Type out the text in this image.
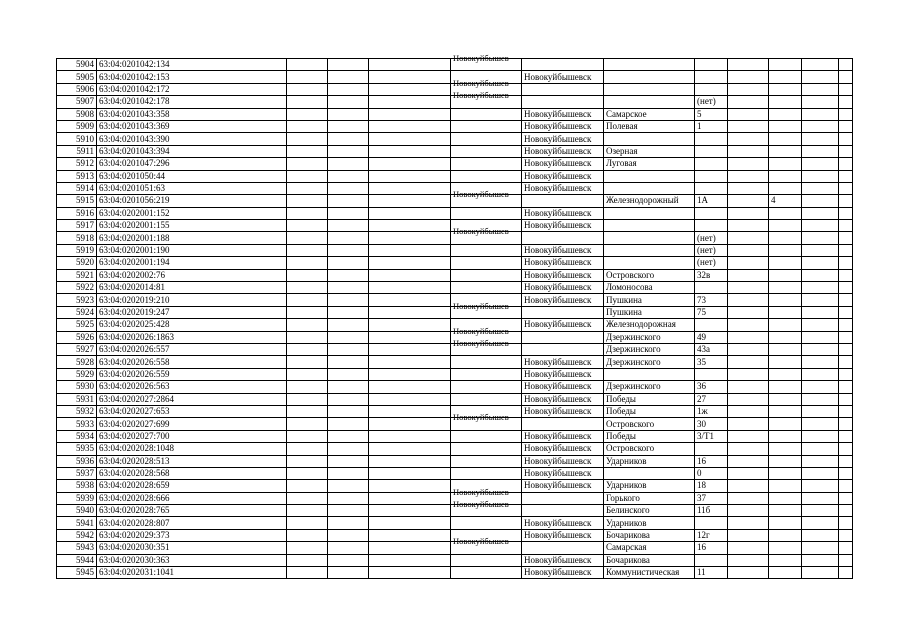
5904	63:04:0201042:134				Новокуйбышев							

5905	63:04:0201042:153					Новокуйбышевск						
5906	63:04:0201042:172				Новокуйбышев							

5907	63:04:0201042:178				Новокуйбышев			(нет)				
5908	63:04:0201043:358					Новокуйбышевск	Самарское	5				
5909	63:04:0201043:369					Новокуйбышевск	Полевая	1				
5910	63:04:0201043:390					Новокуйбышевск						
5911	63:04:0201043:394					Новокуйбышевск	Озерная					
5912	63:04:0201047:296					Новокуйбышевск	Луговая					
5913	63:04:0201050:44					Новокуйбышевск						
5914	63:04:0201051:63					Новокуйбышевск						
5915	63:04:0201056:219				Новокуйбышев		Железнодорожный	1А		4		
5916	63:04:0202001:152					Новокуйбышевск						
5917	63:04:0202001:155					Новокуйбышевск						
5918	63:04:0202001:188				Новокуйбышев			(нет)				
5919	63:04:0202001:190					Новокуйбышевск		(нет)				
5920	63:04:0202001:194					Новокуйбышевск		(нет)				
5921	63:04:0202002:76					Новокуйбышевск	Островского	32в				
5922	63:04:0202014:81					Новокуйбышевск	Ломоносова					
5923	63:04:0202019:210					Новокуйбышевск	Пушкина	73				
5924	63:04:0202019:247				Новокуйбышев		Пушкина	75				
5925	63:04:0202025:428					Новокуйбышевск	Железнодорожная					
5926	63:04:0202026:1863				Новокуйбышев		Дзержинского	49				
5927	63:04:0202026:557				Новокуйбышев		Дзержинского	43а				
5928	63:04:0202026:558					Новокуйбышевск	Дзержинского	35				
5929	63:04:0202026:559					Новокуйбышевск						
5930	63:04:0202026:563					Новокуйбышевск	Дзержинского	36				
5931	63:04:0202027:2864					Новокуйбышевск	Победы	27				
5932	63:04:0202027:653					Новокуйбышевск	Победы	1ж				
5933	63:04:0202027:699				Новокуйбышев		Островского	30				
5934	63:04:0202027:700					Новокуйбышевск	Победы	3/Т1				
5935	63:04:0202028:1048					Новокуйбышевск	Островского					
5936	63:04:0202028:513					Новокуйбышевск	Ударников	16				
5937	63:04:0202028:568					Новокуйбышевск		0				
5938	63:04:0202028:659					Новокуйбышевск	Ударников	18				
5939	63:04:0202028:666				Новокуйбышев		Горького	37				
5940	63:04:0202028:765				Новокуйбышев		Белинского	11б				
5941	63:04:0202028:807					Новокуйбышевск	Ударников					
5942	63:04:0202029:373					Новокуйбышевск	Бочарикова	12г				
5943	63:04:0202030:351				Новокуйбышев		Самарская	16				
5944	63:04:0202030:363					Новокуйбышевск	Бочарикова					
5945	63:04:0202031:1041					Новокуйбышевск	Коммунистическая	11				
